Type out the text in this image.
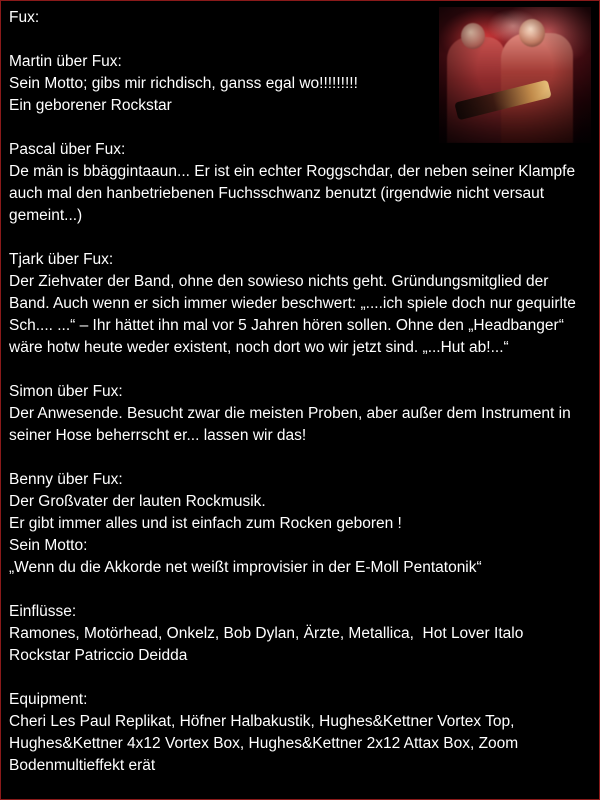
Fux:
Martin über Fux:
Sein Motto; gibs mir richdisch, ganss egal wo!!!!!!!!!
Ein geborener Rockstar
Pascal über Fux:
De män is bbäggintaaun... Er ist ein echter Roggschdar, der neben seiner Klampfe
auch mal den hanbetriebenen Fuchsschwanz benutzt (irgendwie nicht versaut
gemeint...)
Tjark über Fux:
Der Ziehvater der Band, ohne den sowieso nichts geht. Gründungsmitglied der
Band. Auch wenn er sich immer wieder beschwert: „....ich spiele doch nur gequirlte
Sch.... ...“ – Ihr hättet ihn mal vor 5 Jahren hören sollen. Ohne den „Headbanger“
wäre hotw heute weder existent, noch dort wo wir jetzt sind. „...Hut ab!...“
Simon über Fux:
Der Anwesende. Besucht zwar die meisten Proben, aber außer dem Instrument in
seiner Hose beherrscht er... lassen wir das!
Benny über Fux:
Der Großvater der lauten Rockmusik.
Er gibt immer alles und ist einfach zum Rocken geboren !
Sein Motto:
„Wenn du die Akkorde net weißt improvisier in der E-Moll Pentatonik“
Einflüsse:
Ramones, Motörhead, Onkelz, Bob Dylan, Ärzte, Metallica,  Hot Lover Italo
Rockstar Patriccio Deidda
Equipment:
Cheri Les Paul Replikat, Höfner Halbakustik, Hughes&Kettner Vortex Top,
Hughes&Kettner 4x12 Vortex Box, Hughes&Kettner 2x12 Attax Box, Zoom
Bodenmultieffekt erät
